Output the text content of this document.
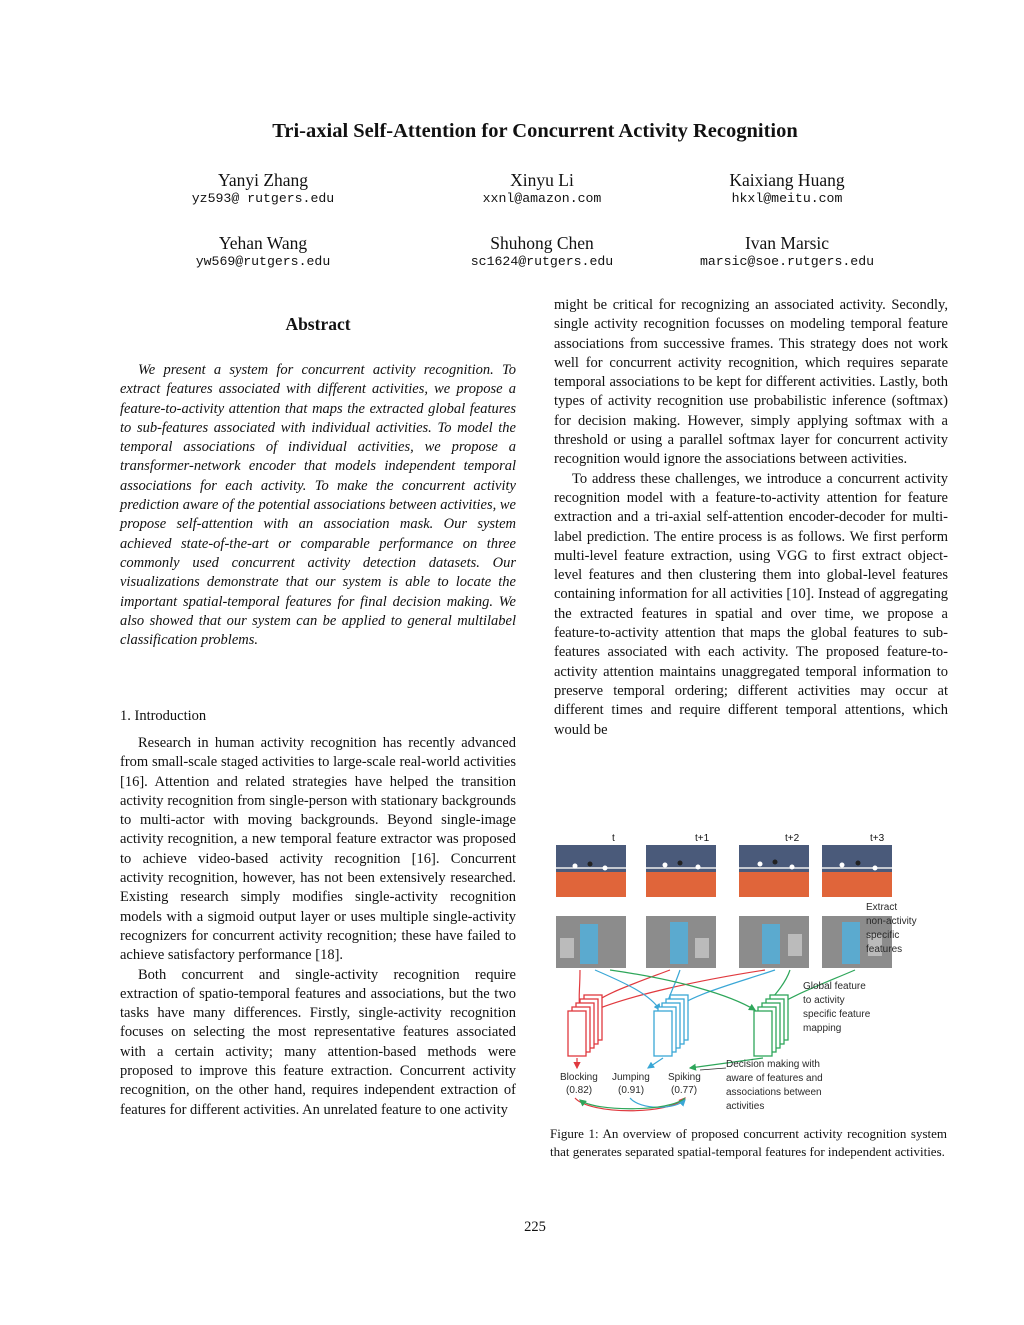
Tri-axial Self-Attention for Concurrent Activity Recognition
Yanyi Zhang
yz593@ rutgers.edu
Xinyu Li
xxnl@amazon.com
Kaixiang Huang
hkxl@meitu.com
Yehan Wang
yw569@rutgers.edu
Shuhong Chen
sc1624@rutgers.edu
Ivan Marsic
marsic@soe.rutgers.edu
Abstract

We present a system for concurrent activity recognition. To extract features associated with different activities, we propose a feature-to-activity attention that maps the extracted global features to sub-features associated with individual activities. To model the temporal associations of individual activities, we propose a transformer-network encoder that models independent temporal associations for each activity. To make the concurrent activity prediction aware of the potential associations between activities, we propose self-attention with an association mask. Our system achieved state-of-the-art or comparable performance on three commonly used concurrent activity detection datasets. Our visualizations demonstrate that our system is able to locate the important spatial-temporal features for final decision making. We also showed that our system can be applied to general multilabel classification problems.

1. Introduction

Research in human activity recognition has recently advanced from small-scale staged activities to large-scale real-world activities [16]. Attention and related strategies have helped the transition activity recognition from single-person with stationary backgrounds to multi-actor with moving backgrounds. Beyond single-image activity recognition, a new temporal feature extractor was proposed to achieve video-based activity recognition [16]. Concurrent activity recognition, however, has not been extensively researched. Existing research simply modifies single-activity recognition models with a sigmoid output layer or uses multiple single-activity recognizers for concurrent activity recognition; these have failed to achieve satisfactory performance [18].

Both concurrent and single-activity recognition require extraction of spatio-temporal features and associations, but the two tasks have many differences. Firstly, single-activity recognition focuses on selecting the most representative features associated with a certain activity; many attention-based methods were proposed to improve this feature extraction. Concurrent activity recognition, on the other hand, requires independent extraction of features for different activities. An unrelated feature to one activity

might be critical for recognizing an associated activity. Secondly, single activity recognition focusses on modeling temporal feature associations from successive frames. This strategy does not work well for concurrent activity recognition, which requires separate temporal associations to be kept for different activities. Lastly, both types of activity recognition use probabilistic inference (softmax) for decision making. However, simply applying softmax with a threshold or using a parallel softmax layer for concurrent activity recognition would ignore the associations between activities.

To address these challenges, we introduce a concurrent activity recognition model with a feature-to-activity attention for feature extraction and a tri-axial self-attention encoder-decoder for multi-label prediction. The entire process is as follows. We first perform multi-level feature extraction, using VGG to first extract object-level features and then clustering them into global-level features containing information for all activities [10]. Instead of aggregating the extracted features in spatial and over time, we propose a feature-to-activity attention that maps the global features to sub-features associated with each activity. The proposed feature-to-activity attention maintains unaggregated temporal information to preserve temporal ordering; different activities may occur at different times and require different temporal attentions, which would be

t	t+1	t+2	t+3
Blocking
(0.82)
Jumping
(0.91)
Spiking
(0.77)
Extract
non-activity
specific
features
Global feature
to activity
specific feature
mapping
Decision making with
aware of features and
associations between
activities
Figure 1: An overview of proposed concurrent activity recognition system that generates separated spatial-temporal features for independent activities.
225
